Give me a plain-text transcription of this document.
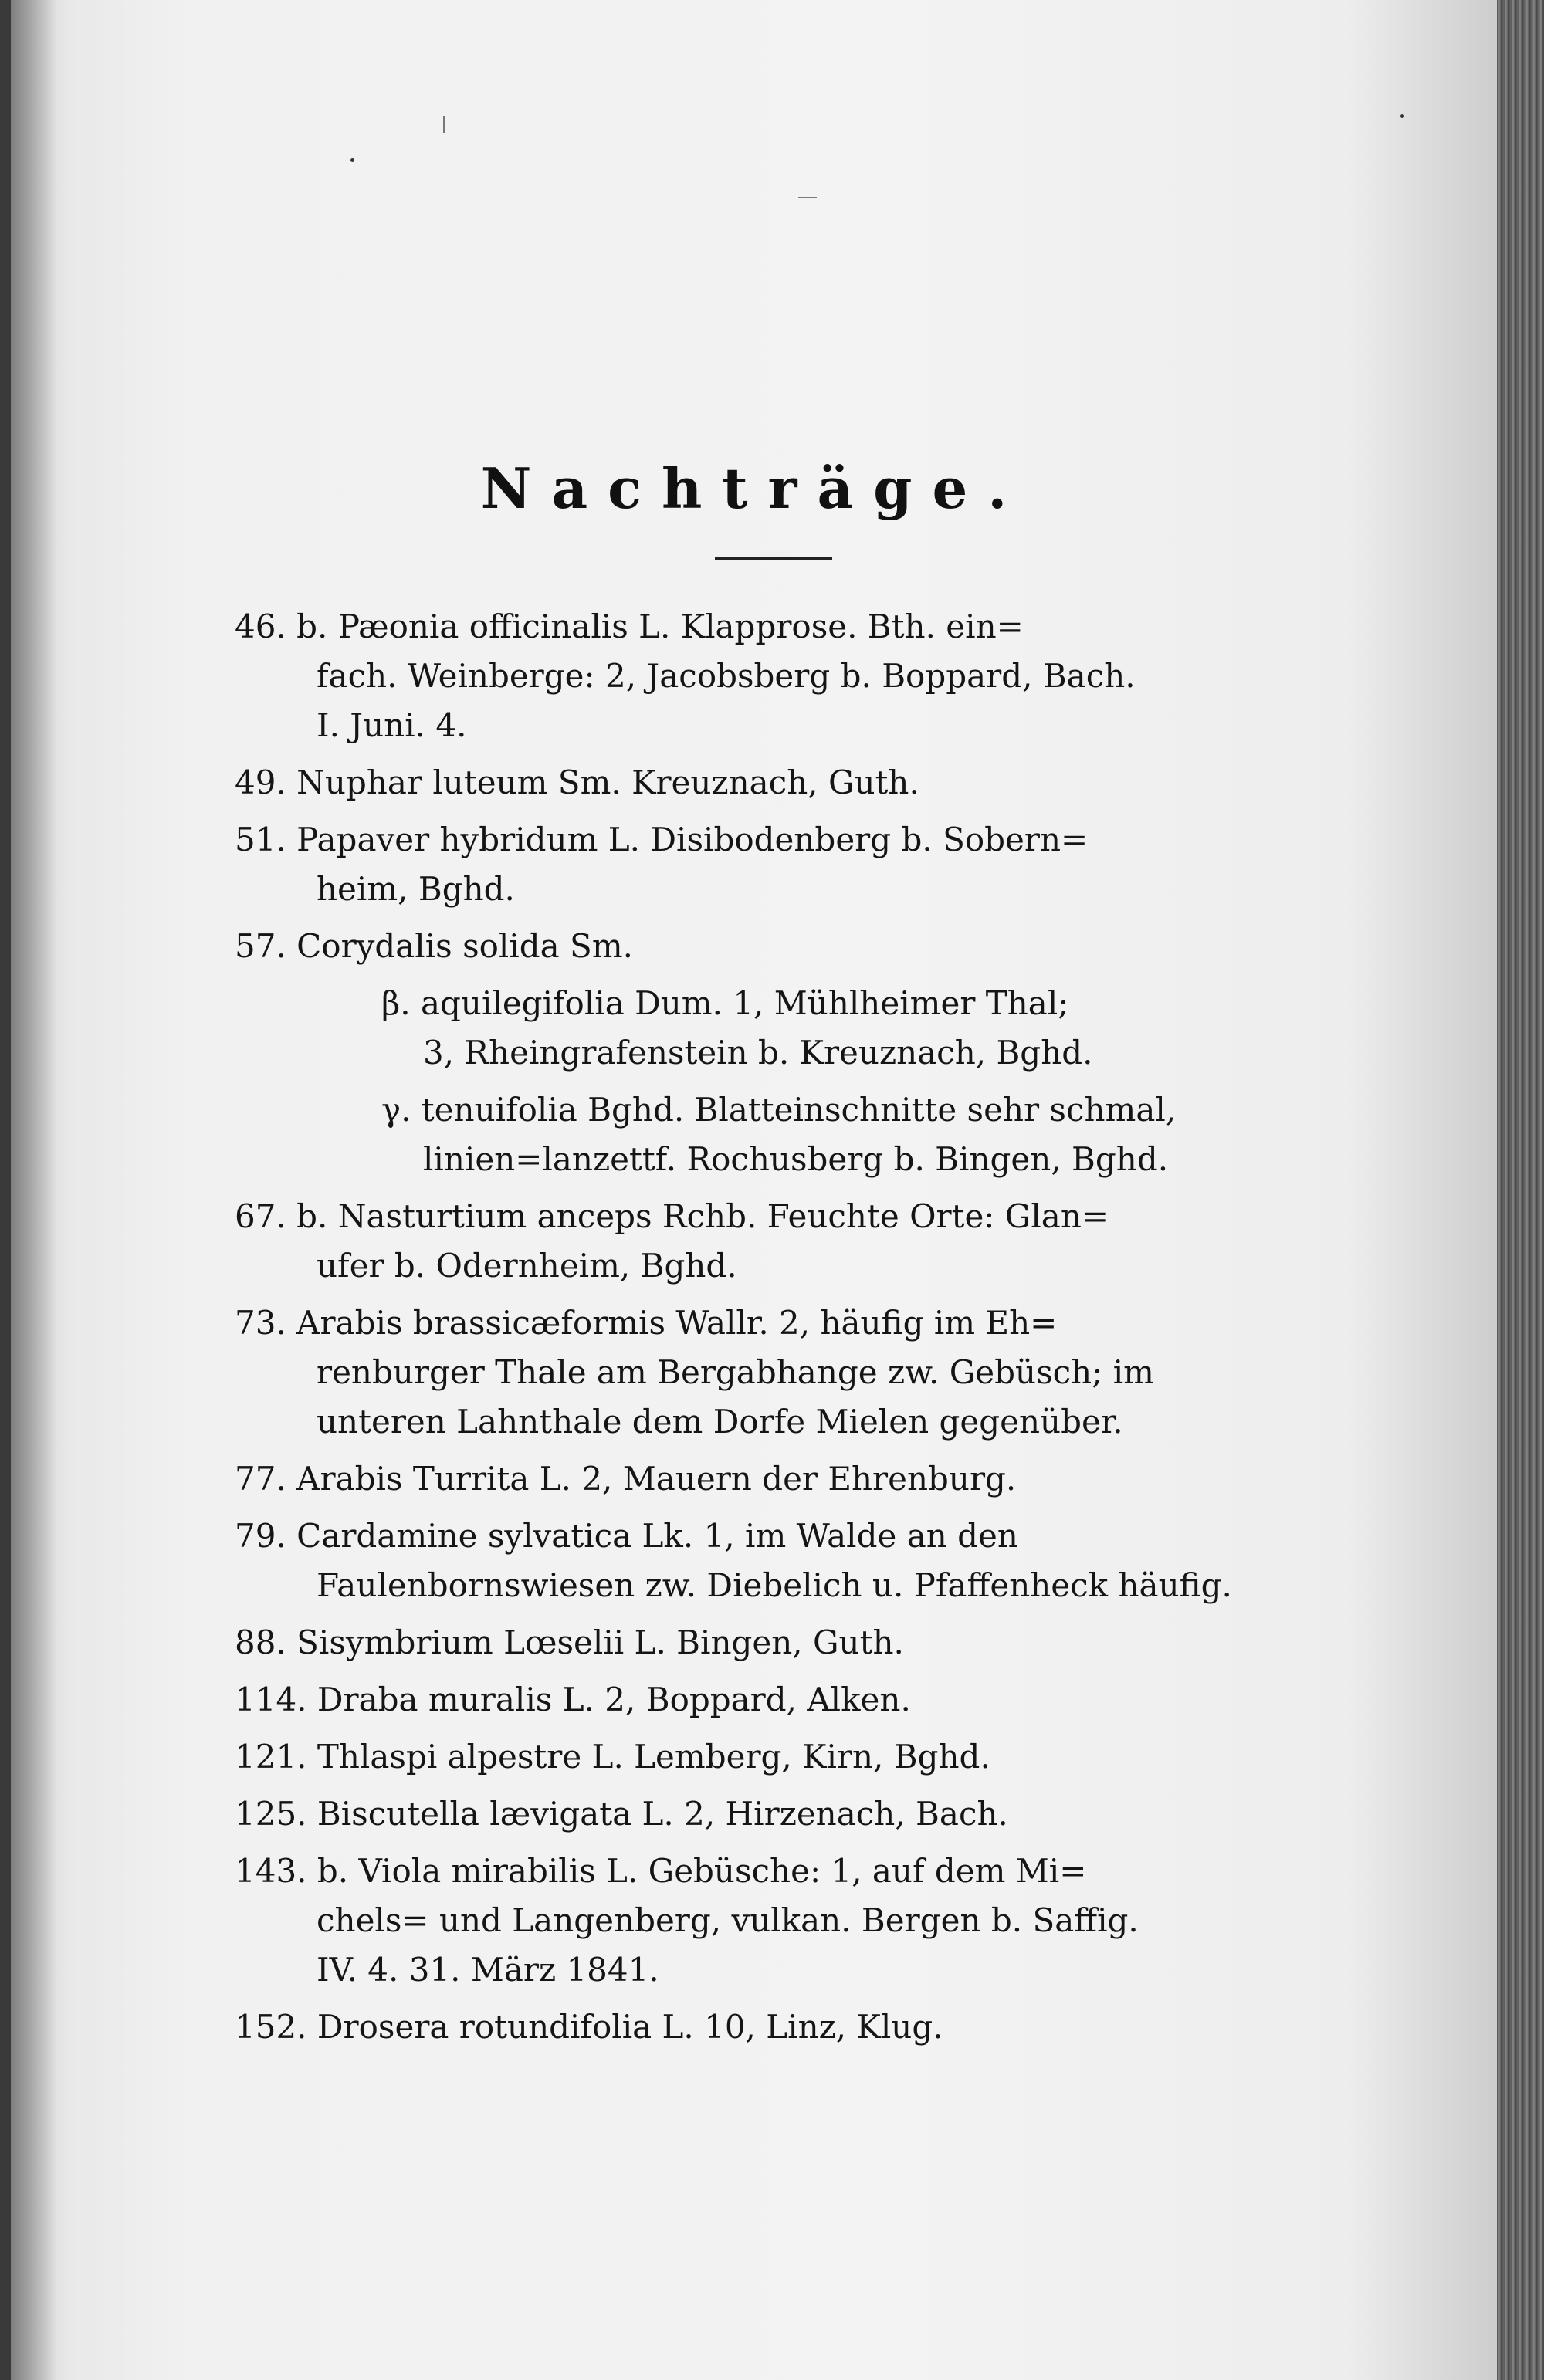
Nachträge.
46. b. Pæonia officinalis L. Klapprose. Bth. ein=
fach. Weinberge: 2, Jacobsberg b. Boppard, Bach.
I. Juni. 4.
49. Nuphar luteum Sm. Kreuznach, Guth.
51. Papaver hybridum L. Disibodenberg b. Sobern=
heim, Bghd.
57. Corydalis solida Sm.
β. aquilegifolia Dum. 1, Mühlheimer Thal;
3, Rheingrafenstein b. Kreuznach, Bghd.
γ. tenuifolia Bghd. Blatteinschnitte sehr schmal,
linien=lanzettf. Rochusberg b. Bingen, Bghd.
67. b. Nasturtium anceps Rchb. Feuchte Orte: Glan=
ufer b. Odernheim, Bghd.
73. Arabis brassicæformis Wallr. 2, häufig im Eh=
renburger Thale am Bergabhange zw. Gebüsch; im
unteren Lahnthale dem Dorfe Mielen gegenüber.
77. Arabis Turrita L. 2, Mauern der Ehrenburg.
79. Cardamine sylvatica Lk. 1, im Walde an den
Faulenbornswiesen zw. Diebelich u. Pfaffenheck häufig.
88. Sisymbrium Lœselii L. Bingen, Guth.
114. Draba muralis L. 2, Boppard, Alken.
121. Thlaspi alpestre L. Lemberg, Kirn, Bghd.
125. Biscutella lævigata L. 2, Hirzenach, Bach.
143. b. Viola mirabilis L. Gebüsche: 1, auf dem Mi=
chels= und Langenberg, vulkan. Bergen b. Saffig.
IV. 4. 31. März 1841.
152. Drosera rotundifolia L. 10, Linz, Klug.
